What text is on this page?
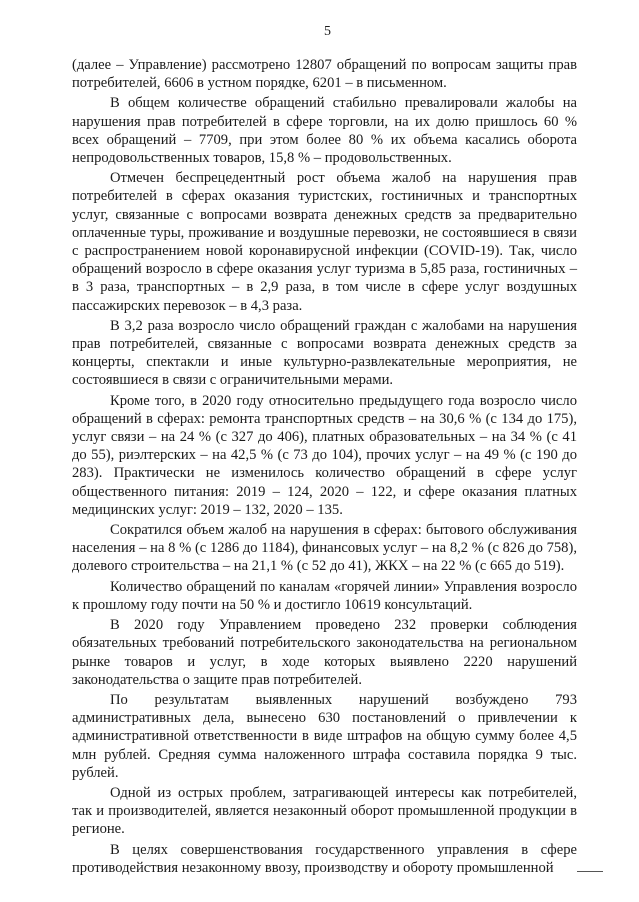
5

(далее – Управление) рассмотрено 12807 обращений по вопросам защиты прав потребителей, 6606 в устном порядке, 6201 – в письменном.

В общем количестве обращений стабильно превалировали жалобы на нарушения прав потребителей в сфере торговли, на их долю пришлось 60 % всех обращений – 7709, при этом более 80 % их объема касались оборота непродовольственных товаров, 15,8 % – продовольственных.

Отмечен беспрецедентный рост объема жалоб на нарушения прав потребителей в сферах оказания туристских, гостиничных и транспортных услуг, связанные с вопросами возврата денежных средств за предварительно оплаченные туры, проживание и воздушные перевозки, не состоявшиеся в связи с распространением новой коронавирусной инфекции (COVID-19). Так, число обращений возросло в сфере оказания услуг туризма в 5,85 раза, гостиничных – в 3 раза, транспортных – в 2,9 раза, в том числе в сфере услуг воздушных пассажирских перевозок – в 4,3 раза.

В 3,2 раза возросло число обращений граждан с жалобами на нарушения прав потребителей, связанные с вопросами возврата денежных средств за концерты, спектакли и иные культурно-развлекательные мероприятия, не состоявшиеся в связи с ограничительными мерами.

Кроме того, в 2020 году относительно предыдущего года возросло число обращений в сферах: ремонта транспортных средств – на 30,6 % (с 134 до 175), услуг связи – на 24 % (с 327 до 406), платных образовательных – на 34 % (с 41 до 55), риэлтерских – на 42,5 % (с 73 до 104), прочих услуг – на 49 % (с 190 до 283). Практически не изменилось количество обращений в сфере услуг общественного питания: 2019 – 124, 2020 – 122, и сфере оказания платных медицинских услуг: 2019 – 132, 2020 – 135.

Сократился объем жалоб на нарушения в сферах: бытового обслуживания населения – на 8 % (с 1286 до 1184), финансовых услуг – на 8,2 % (с 826 до 758), долевого строительства – на 21,1 % (с 52 до 41), ЖКХ – на 22 % (с 665 до 519).

Количество обращений по каналам «горячей линии» Управления возросло к прошлому году почти на 50 % и достигло 10619 консультаций.

В 2020 году Управлением проведено 232 проверки соблюдения обязательных требований потребительского законодательства на региональном рынке товаров и услуг, в ходе которых выявлено 2220 нарушений законодательства о защите прав потребителей.

По результатам выявленных нарушений возбуждено 793 административных дела, вынесено 630 постановлений о привлечении к административной ответственности в виде штрафов на общую сумму более 4,5 млн рублей. Средняя сумма наложенного штрафа составила порядка 9 тыс. рублей.

Одной из острых проблем, затрагивающей интересы как потребителей, так и производителей, является незаконный оборот промышленной продукции в регионе.

В целях совершенствования государственного управления в сфере противодействия незаконному ввозу, производству и обороту промышленной
